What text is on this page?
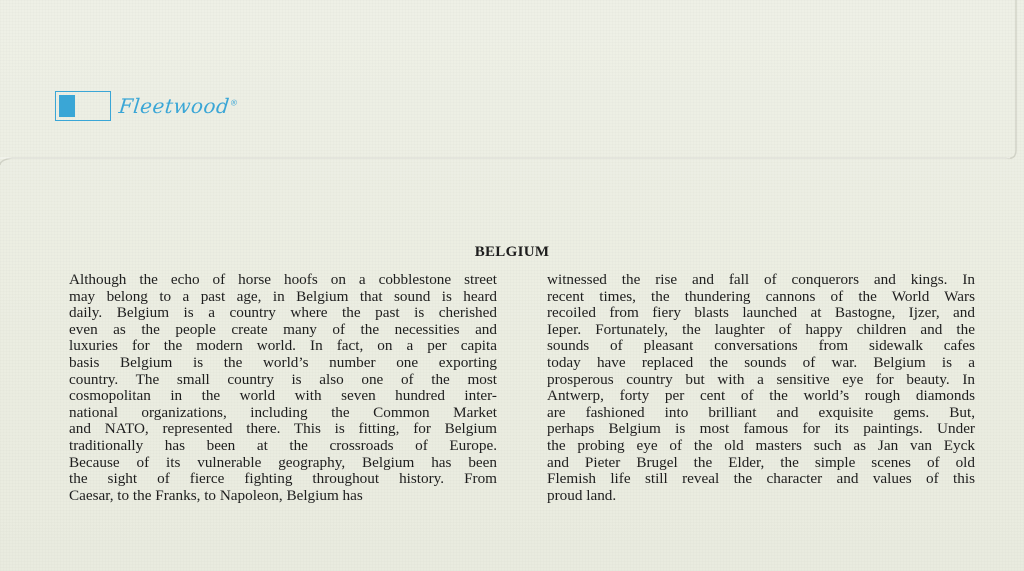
Fleetwood®
BELGIUM
Although the echo of horse hoofs on a cobblestone street
may belong to a past age, in Belgium that sound is heard
daily. Belgium is a country where the past is cherished
even as the people create many of the necessities and
luxuries for the modern world. In fact, on a per capita
basis Belgium is the world’s number one exporting
country. The small country is also one of the most
cosmopolitan in the world with seven hundred inter-
national organizations, including the Common Market
and NATO, represented there. This is fitting, for Belgium
traditionally has been at the crossroads of Europe.
Because of its vulnerable geography, Belgium has been
the sight of fierce fighting throughout history. From
Caesar, to the Franks, to Napoleon, Belgium has
witnessed the rise and fall of conquerors and kings. In
recent times, the thundering cannons of the World Wars
recoiled from fiery blasts launched at Bastogne, Ijzer, and
Ieper. Fortunately, the laughter of happy children and the
sounds of pleasant conversations from sidewalk cafes
today have replaced the sounds of war. Belgium is a
prosperous country but with a sensitive eye for beauty. In
Antwerp, forty per cent of the world’s rough diamonds
are fashioned into brilliant and exquisite gems. But,
perhaps Belgium is most famous for its paintings. Under
the probing eye of the old masters such as Jan van Eyck
and Pieter Brugel the Elder, the simple scenes of old
Flemish life still reveal the character and values of this
proud land.
